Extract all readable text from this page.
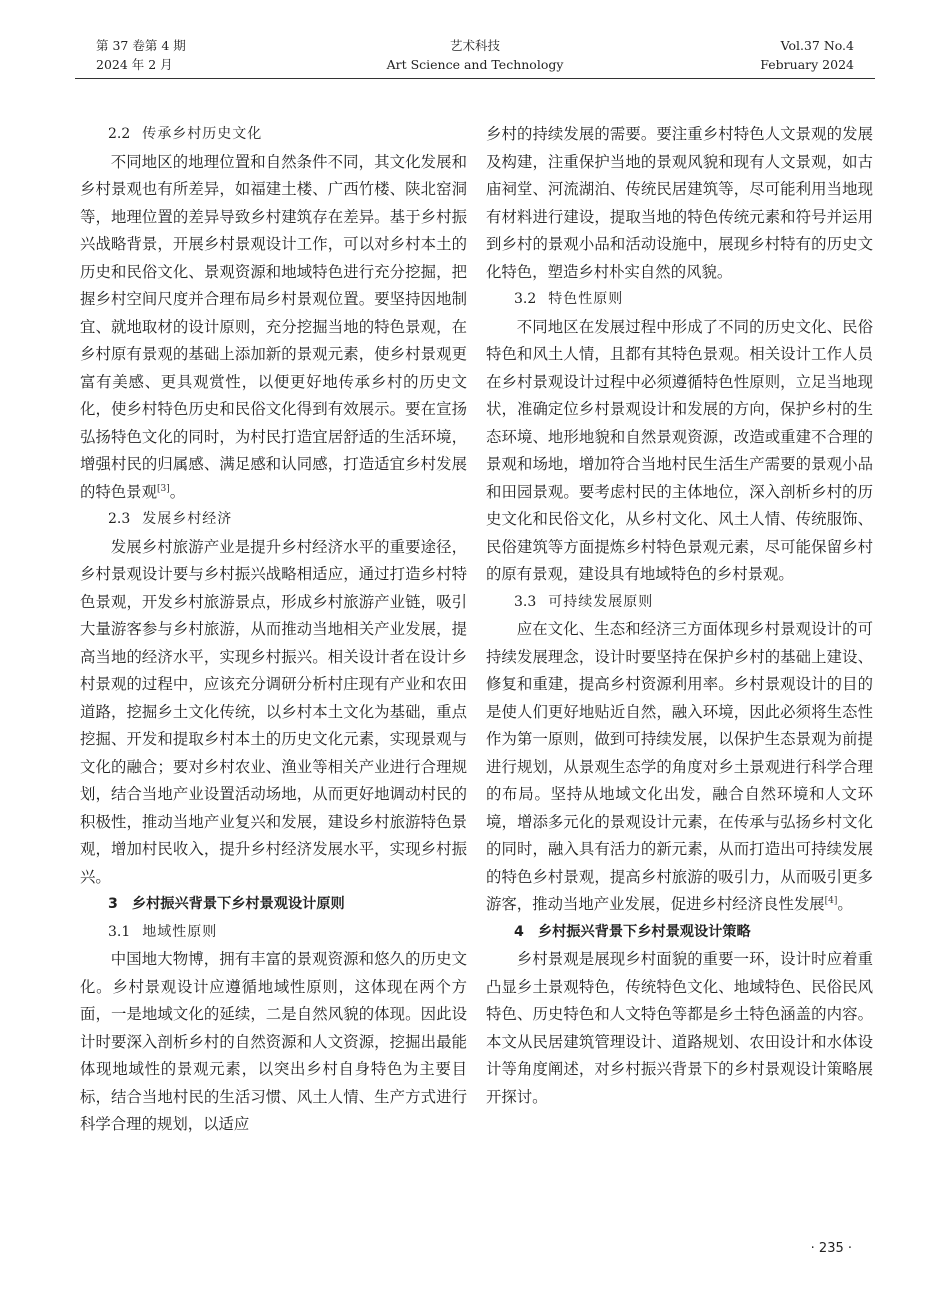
第 37 卷第 4 期
2024 年 2 月
艺术科技
Art Science and Technology
Vol.37 No.4
February 2024
2.2 传承乡村历史文化

不同地区的地理位置和自然条件不同，其文化发展和乡村景观也有所差异，如福建土楼、广西竹楼、陕北窑洞等，地理位置的差异导致乡村建筑存在差异。基于乡村振兴战略背景，开展乡村景观设计工作，可以对乡村本土的历史和民俗文化、景观资源和地域特色进行充分挖掘，把握乡村空间尺度并合理布局乡村景观位置。要坚持因地制宜、就地取材的设计原则，充分挖掘当地的特色景观，在乡村原有景观的基础上添加新的景观元素，使乡村景观更富有美感、更具观赏性，以便更好地传承乡村的历史文化，使乡村特色历史和民俗文化得到有效展示。要在宣扬弘扬特色文化的同时，为村民打造宜居舒适的生活环境，增强村民的归属感、满足感和认同感，打造适宜乡村发展的特色景观[3]。

2.3 发展乡村经济

发展乡村旅游产业是提升乡村经济水平的重要途径，乡村景观设计要与乡村振兴战略相适应，通过打造乡村特色景观，开发乡村旅游景点，形成乡村旅游产业链，吸引大量游客参与乡村旅游，从而推动当地相关产业发展，提高当地的经济水平，实现乡村振兴。相关设计者在设计乡村景观的过程中，应该充分调研分析村庄现有产业和农田道路，挖掘乡土文化传统，以乡村本土文化为基础，重点挖掘、开发和提取乡村本土的历史文化元素，实现景观与文化的融合；要对乡村农业、渔业等相关产业进行合理规划，结合当地产业设置活动场地，从而更好地调动村民的积极性，推动当地产业复兴和发展，建设乡村旅游特色景观，增加村民收入，提升乡村经济发展水平，实现乡村振兴。

3 乡村振兴背景下乡村景观设计原则
3.1 地域性原则

中国地大物博，拥有丰富的景观资源和悠久的历史文化。乡村景观设计应遵循地域性原则，这体现在两个方面，一是地域文化的延续，二是自然风貌的体现。因此设计时要深入剖析乡村的自然资源和人文资源，挖掘出最能体现地域性的景观元素，以突出乡村自身特色为主要目标，结合当地村民的生活习惯、风土人情、生产方式进行科学合理的规划，以适应

乡村的持续发展的需要。要注重乡村特色人文景观的发展及构建，注重保护当地的景观风貌和现有人文景观，如古庙祠堂、河流湖泊、传统民居建筑等，尽可能利用当地现有材料进行建设，提取当地的特色传统元素和符号并运用到乡村的景观小品和活动设施中，展现乡村特有的历史文化特色，塑造乡村朴实自然的风貌。

3.2 特色性原则

不同地区在发展过程中形成了不同的历史文化、民俗特色和风土人情，且都有其特色景观。相关设计工作人员在乡村景观设计过程中必须遵循特色性原则，立足当地现状，准确定位乡村景观设计和发展的方向，保护乡村的生态环境、地形地貌和自然景观资源，改造或重建不合理的景观和场地，增加符合当地村民生活生产需要的景观小品和田园景观。要考虑村民的主体地位，深入剖析乡村的历史文化和民俗文化，从乡村文化、风土人情、传统服饰、民俗建筑等方面提炼乡村特色景观元素，尽可能保留乡村的原有景观，建设具有地域特色的乡村景观。

3.3 可持续发展原则

应在文化、生态和经济三方面体现乡村景观设计的可持续发展理念，设计时要坚持在保护乡村的基础上建设、修复和重建，提高乡村资源利用率。乡村景观设计的目的是使人们更好地贴近自然，融入环境，因此必须将生态性作为第一原则，做到可持续发展，以保护生态景观为前提进行规划，从景观生态学的角度对乡土景观进行科学合理的布局。坚持从地域文化出发，融合自然环境和人文环境，增添多元化的景观设计元素，在传承与弘扬乡村文化的同时，融入具有活力的新元素，从而打造出可持续发展的特色乡村景观，提高乡村旅游的吸引力，从而吸引更多游客，推动当地产业发展，促进乡村经济良性发展[4]。

4 乡村振兴背景下乡村景观设计策略

乡村景观是展现乡村面貌的重要一环，设计时应着重凸显乡土景观特色，传统特色文化、地域特色、民俗民风特色、历史特色和人文特色等都是乡土特色涵盖的内容。本文从民居建筑管理设计、道路规划、农田设计和水体设计等角度阐述，对乡村振兴背景下的乡村景观设计策略展开探讨。

· 235 ·
